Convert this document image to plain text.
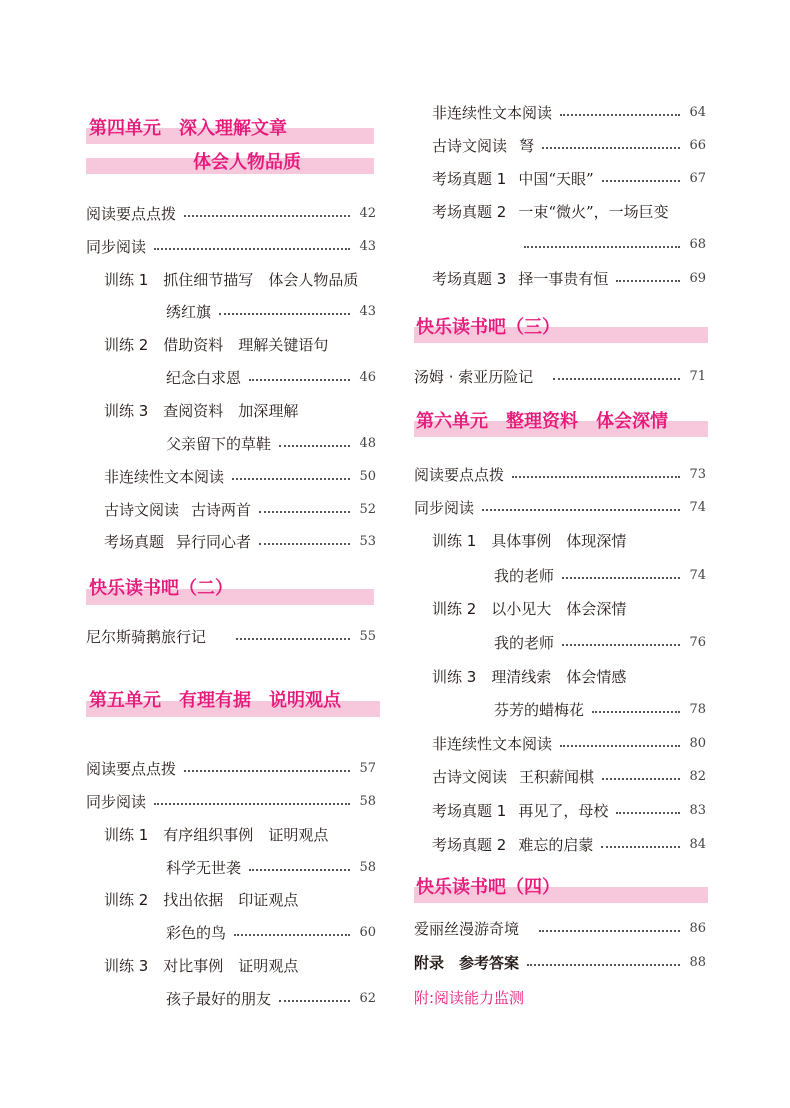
第四单元　深入理解文章
体会人物品质
阅读要点点拨	42
同步阅读	43
训练 1　抓住细节描写　体会人物品质
绣红旗	43
训练 2　借助资料　理解关键语句
纪念白求恩	46
训练 3　查阅资料　加深理解
父亲留下的草鞋	48
非连续性文本阅读	50
古诗文阅读 古诗两首	52
考场真题 异行同心者	53
快乐读书吧（二）
尼尔斯骑鹅旅行记	55
第五单元　有理有据　说明观点
阅读要点点拨	57
同步阅读	58
训练 1　有序组织事例　证明观点
科学无世袭	58
训练 2　找出依据　印证观点
彩色的鸟	60
训练 3　对比事例　证明观点
孩子最好的朋友	62
非连续性文本阅读	64
古诗文阅读 弩	66
考场真题 1 中国“天眼”	67
考场真题 2 一束“微火”，一场巨变
68
考场真题 3 择一事贵有恒	69
快乐读书吧（三）
汤姆 · 索亚历险记	71
第六单元　整理资料　体会深情
阅读要点点拨	73
同步阅读	74
训练 1　具体事例　体现深情
我的老师	74
训练 2　以小见大　体会深情
我的老师	76
训练 3　理清线索　体会情感
芬芳的蜡梅花	78
非连续性文本阅读	80
古诗文阅读 王积薪闻棋	82
考场真题 1 再见了，母校	83
考场真题 2 难忘的启蒙	84
快乐读书吧（四）
爱丽丝漫游奇境	86
附录　参考答案	88
附:阅读能力监测
